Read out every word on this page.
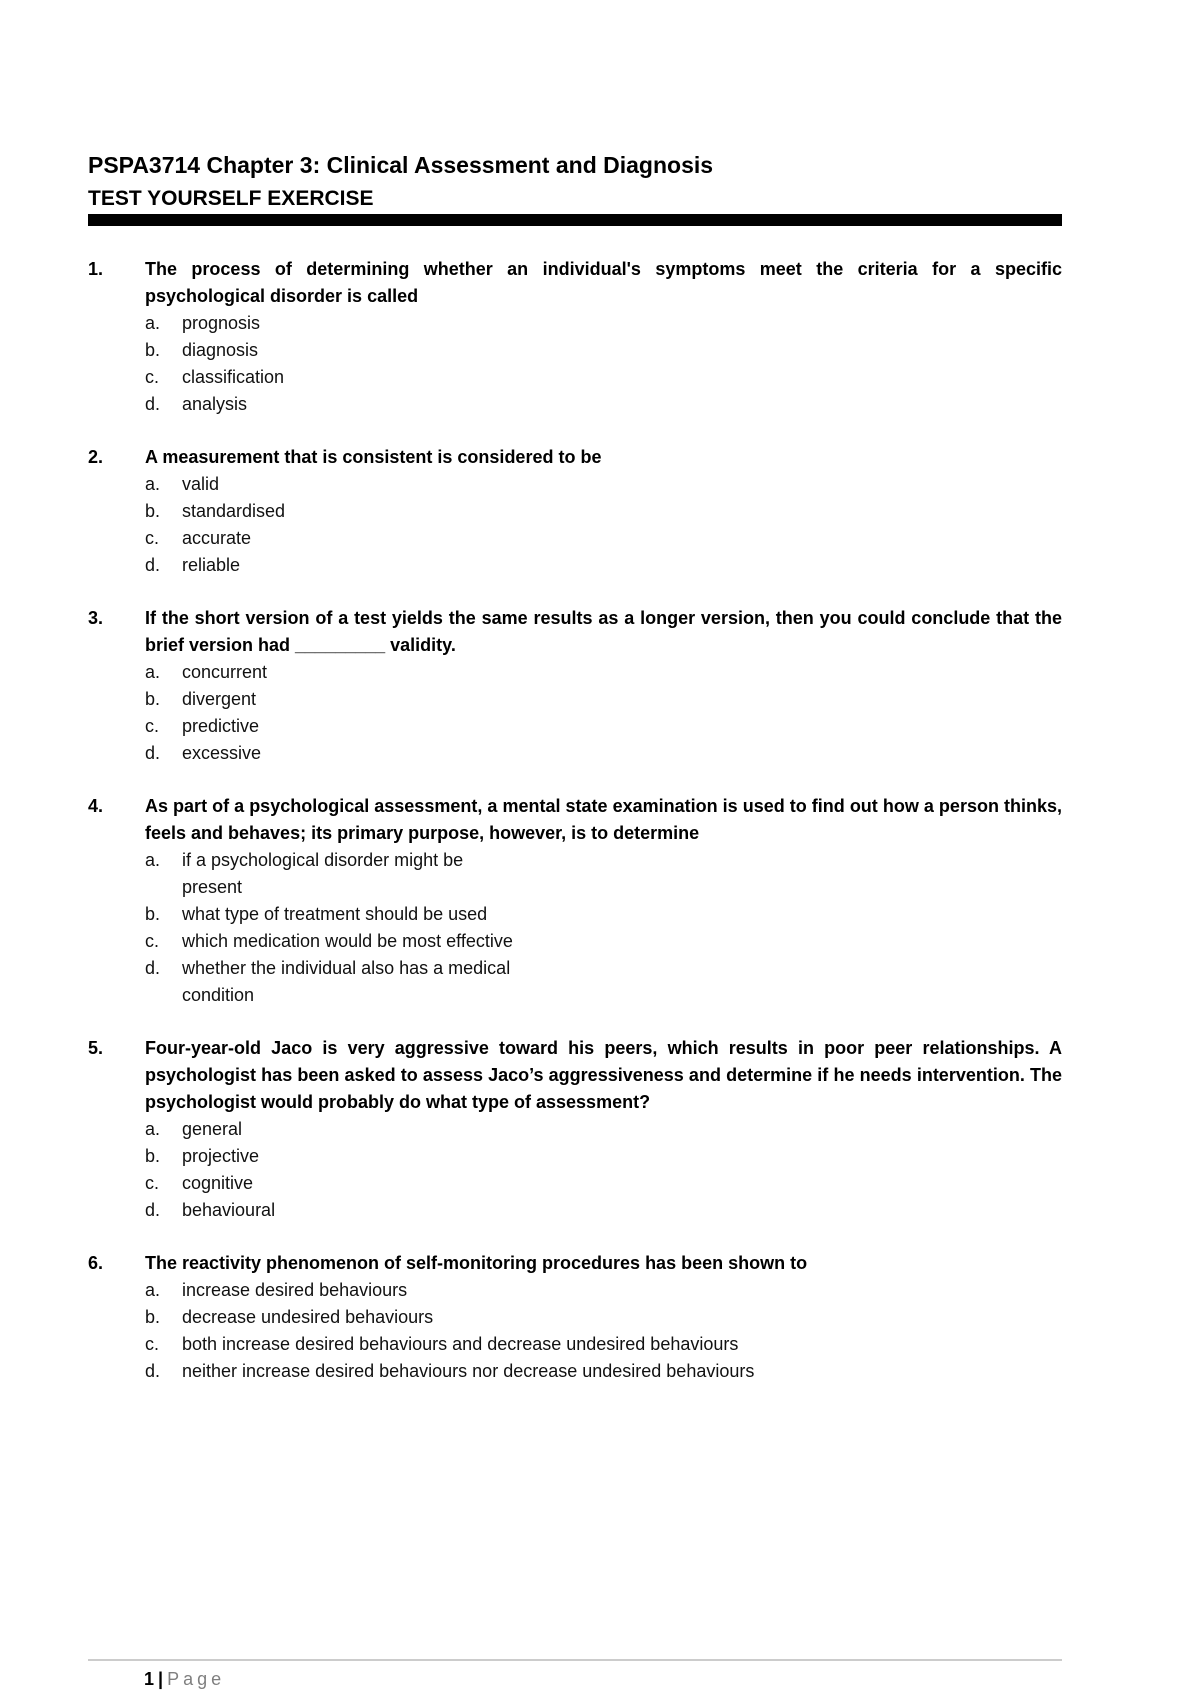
PSPA3714 Chapter 3: Clinical Assessment and Diagnosis
TEST YOURSELF EXERCISE
1. The process of determining whether an individual's symptoms meet the criteria for a specific psychological disorder is called

a. prognosis
b. diagnosis
c. classification
d. analysis
2. A measurement that is consistent is considered to be

a. valid
b. standardised
c. accurate
d. reliable
3. If the short version of a test yields the same results as a longer version, then you could conclude that the brief version had _________ validity.

a. concurrent
b. divergent
c. predictive
d. excessive
4. As part of a psychological assessment, a mental state examination is used to find out how a person thinks, feels and behaves; its primary purpose, however, is to determine

a. if a psychological disorder might be present
b. what type of treatment should be used
c. which medication would be most effective
d. whether the individual also has a medical condition
5. Four-year-old Jaco is very aggressive toward his peers, which results in poor peer relationships. A psychologist has been asked to assess Jaco’s aggressiveness and determine if he needs intervention. The psychologist would probably do what type of assessment?

a. general
b. projective
c. cognitive
d. behavioural
6. The reactivity phenomenon of self-monitoring procedures has been shown to

a. increase desired behaviours
b. decrease undesired behaviours
c. both increase desired behaviours and decrease undesired behaviours
d. neither increase desired behaviours nor decrease undesired behaviours
1 | Page
